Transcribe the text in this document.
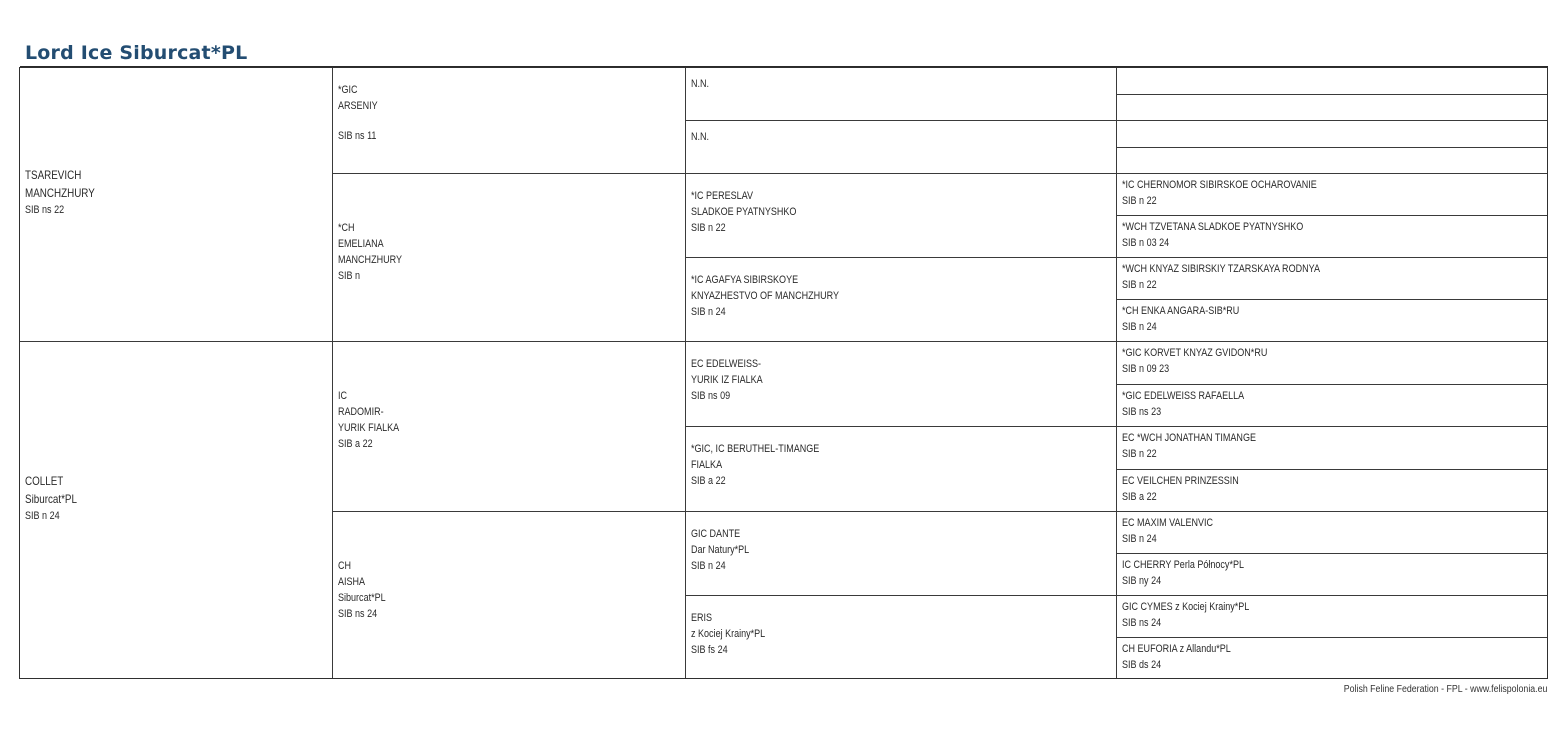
Lord Ice Siburcat*PL
TSAREVICH
MANCHZHURY
SIB ns 22
COLLET
Siburcat*PL
SIB n 24
*GIC
ARSENIY
SIB ns 11
*CH
EMELIANA
MANCHZHURY
SIB n
IC
RADOMIR-
YURIK FIALKA
SIB a 22
CH
AISHA
Siburcat*PL
SIB ns 24
N.N.
N.N.
*IC PERESLAV
SLADKOE PYATNYSHKO
SIB n 22
*IC AGAFYA SIBIRSKOYE
KNYAZHESTVO OF MANCHZHURY
SIB n 24
EC EDELWEISS-
YURIK IZ FIALKA
SIB ns 09
*GIC, IC BERUTHEL-TIMANGE
FIALKA
SIB a 22
GIC DANTE
Dar Natury*PL
SIB n 24
ERIS
z Kociej Krainy*PL
SIB fs 24
*IC CHERNOMOR SIBIRSKOE OCHAROVANIE
SIB n 22
*WCH TZVETANA SLADKOE PYATNYSHKO
SIB n 03 24
*WCH KNYAZ SIBIRSKIY TZARSKAYA RODNYA
SIB n 22
*CH ENKA ANGARA-SIB*RU
SIB n 24
*GIC KORVET KNYAZ GVIDON*RU
SIB n 09 23
*GIC EDELWEISS RAFAELLA
SIB ns 23
EC *WCH JONATHAN TIMANGE
SIB n 22
EC VEILCHEN PRINZESSIN
SIB a 22
EC MAXIM VALENVIC
SIB n 24
IC CHERRY Perla Północy*PL
SIB ny 24
GIC CYMES z Kociej Krainy*PL
SIB ns 24
CH EUFORIA z Allandu*PL
SIB ds 24
Polish Feline Federation - FPL - www.felispolonia.eu
